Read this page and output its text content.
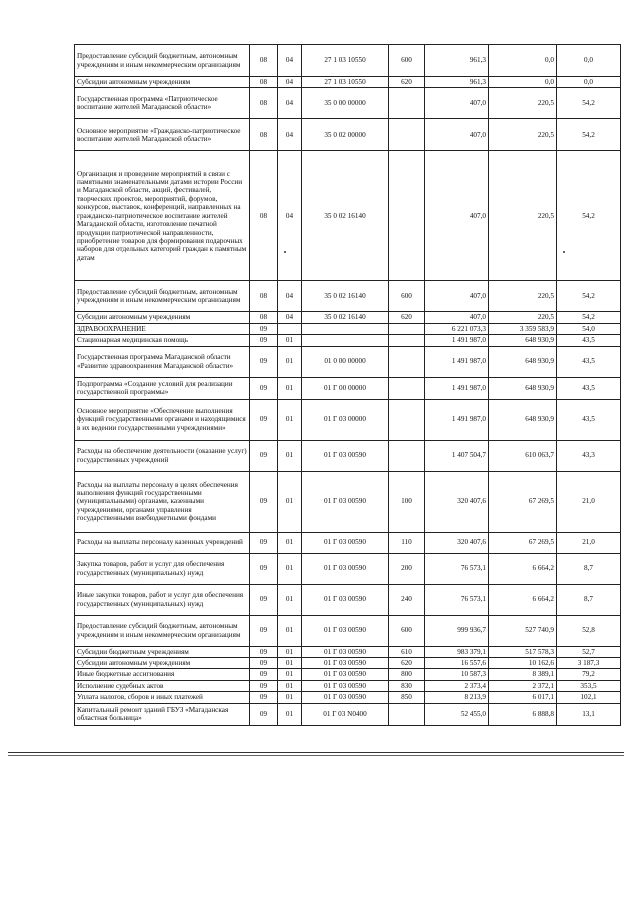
Предоставление субсидий бюджетным, автономным учреждениям и иным некоммерческим организациям	08	04	27 1 03 10550	600	961,3	0,0	0,0
Субсидии автономным учреждениям	08	04	27 1 03 10550	620	961,3	0,0	0,0
Государственная программа «Патриотическое воспитание жителей Магаданской области»	08	04	35 0 00 00000		407,0	220,5	54,2
Основное мероприятие «Гражданско-патриотическое воспитание жителей Магаданской области»	08	04	35 0 02 00000		407,0	220,5	54,2
Организация и проведение мероприятий в связи с памятными знаменательными датами истории России и Магаданской области, акций, фестивалей, творческих проектов, мероприятий, форумов, конкурсов, выставок, конференций, направленных на гражданско-патриотическое воспитание жителей Магаданской области, изготовление печатной продукции патриотической направленности, приобретение товаров для формирования подарочных наборов для отдельных категорий граждан к памятным датам	08	04	35 0 02 16140		407,0	220,5	54,2
Предоставление субсидий бюджетным, автономным учреждениям и иным некоммерческим организациям	08	04	35 0 02 16140	600	407,0	220,5	54,2
Субсидии автономным учреждениям	08	04	35 0 02 16140	620	407,0	220,5	54,2
ЗДРАВООХРАНЕНИЕ	09				6 221 073,3	3 359 583,9	54,0
Стационарная медицинская помощь	09	01			1 491 987,0	648 930,9	43,5
Государственная программа Магаданской области «Развитие здравоохранения Магаданской области»	09	01	01 0 00 00000		1 491 987,0	648 930,9	43,5
Подпрограмма «Создание условий для реализации государственной программы»	09	01	01 Г 00 00000		1 491 987,0	648 930,9	43,5
Основное мероприятие «Обеспечение выполнения функций государственными органами и находящимися в их ведении государственными учреждениями»	09	01	01 Г 03 00000		1 491 987,0	648 930,9	43,5
Расходы на обеспечение деятельности (оказание услуг) государственных учреждений	09	01	01 Г 03 00590		1 407 504,7	610 063,7	43,3
Расходы на выплаты персоналу в целях обеспечения выполнения функций государственными (муниципальными) органами, казенными учреждениями, органами управления государственными внебюджетными фондами	09	01	01 Г 03 00590	100	320 407,6	67 269,5	21,0
Расходы на выплаты персоналу казенных учреждений	09	01	01 Г 03 00590	110	320 407,6	67 269,5	21,0
Закупка товаров, работ и услуг для обеспечения государственных (муниципальных) нужд	09	01	01 Г 03 00590	200	76 573,1	6 664,2	8,7
Иные закупки товаров, работ и услуг для обеспечения государственных (муниципальных) нужд	09	01	01 Г 03 00590	240	76 573,1	6 664,2	8,7
Предоставление субсидий бюджетным, автономным учреждениям и иным некоммерческим организациям	09	01	01 Г 03 00590	600	999 936,7	527 740,9	52,8
Субсидии бюджетным учреждениям	09	01	01 Г 03 00590	610	983 379,1	517 578,3	52,7
Субсидии автономным учреждениям	09	01	01 Г 03 00590	620	16 557,6	10 162,6	3 187,3
Иные бюджетные ассигнования	09	01	01 Г 03 00590	800	10 587,3	8 389,1	79,2
Исполнение судебных актов	09	01	01 Г 03 00590	830	2 373,4	2 372,1	353,5
Уплата налогов, сборов и иных платежей	09	01	01 Г 03 00590	850	8 213,9	6 017,1	102,1
Капитальный ремонт зданий ГБУЗ «Магаданская областная больница»	09	01	01 Г 03 N0400		52 455,0	6 888,8	13,1
